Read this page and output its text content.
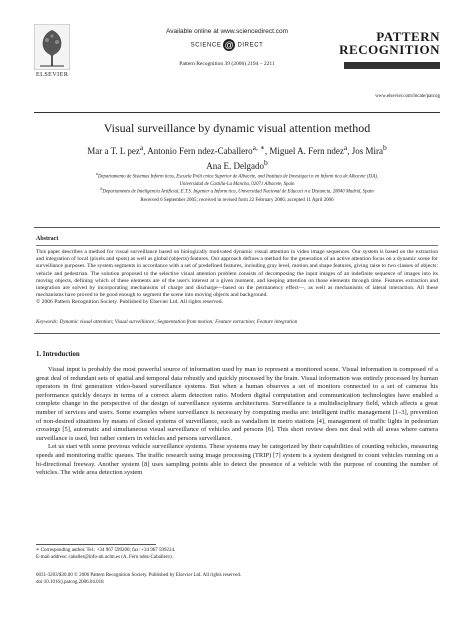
ELSEVIER
Available online at www.sciencedirect.com
SCIENCE @ DIRECT
Pattern Recognition 39 (2006) 2194 – 2211
PATTERN
RECOGNITION
www.elsevier.com/locate/patcog
Visual surveillance by dynamic visual attention method
Mar a T. L pez$^a$, Antonio Fern ndez-Caballero$^{a, ∗}$, Miguel A. Fern ndez$^a$, Jos Mira$^b$
Ana E. Delgado$^b$
$^a$Departamento de Sistemas Inform ticos, Escuela Polit cnica Superior de Albacete, and Instituto de Investigaci n en Inform tica de Albacete (I3A),
Universidad de Castilla-La Mancha, 02071 Albacete, Spain
$^b$Departamento de Inteligencia Artificial, E.T.S. Ingenier a Inform tica, Universidad Nacional de Educaci n a Distancia, 28040 Madrid, Spain
Received 6 September 2005; received in revised form 22 February 2006; accepted 11 April 2006
Abstract
This paper describes a method for visual surveillance based on biologically motivated dynamic visual attention in video image sequences. Our system is based on the extraction and integration of local (pixels and spots) as well as global (objects) features. Our approach defines a method for the generation of an active attention focus on a dynamic scene for surveillance purposes. The system segments in accordance with a set of predefined features, including gray level, motion and shape features, giving raise to two classes of objects: vehicle and pedestrian. The solution proposed to the selective visual attention problem consists of decomposing the input images of an indefinite sequence of images into its moving objects, defining which of these elements are of the user's interest at a given moment, and keeping attention on those elements through time. Features extraction and integration are solved by incorporating mechanisms of charge and discharge—based on the permanency effect—, as well as mechanisms of lateral interaction. All these mechanisms have proved to be good enough to segment the scene into moving objects and background.
© 2006 Pattern Recognition Society. Published by Elsevier Ltd. All rights reserved.
Keywords: Dynamic visual attention; Visual surveillance; Segmentation from motion; Feature extraction; Feature integration
1. Introduction

Visual input is probably the most powerful source of information used by man to represent a monitored scene. Visual information is composed of a great deal of redundant sets of spatial and temporal data robustly and quickly processed by the brain. Visual information was entirely processed by human operators in first generation video-based surveillance systems. But when a human observes a set of monitors connected to a set of cameras his performance quickly decays in terms of a correct alarm detection ratio. Modern digital computation and communication technologies have enabled a complete change in the perspective of the design of surveillance systems architectures. Surveillance is a multidisciplinary field, which affects a great number of services and users. Some examples where surveillance is necessary by computing media are: intelligent traffic management [1–3], prevention of non-desired situations by means of closed systems of surveillance, such as vandalism in metro stations [4], management of traffic lights in pedestrian crossings [5], automatic and simultaneous visual surveillance of vehicles and persons [6]. This short review does not deal with all areas where camera surveillance is used, but rather centers in vehicles and persons surveillance.

Let us start with some previous vehicle surveillance systems. These systems may be categorized by their capabilities of counting vehicles, measuring speeds and monitoring traffic queues. The traffic research using image processing (TRIP) [7] system is a system designed to count vehicles running on a bi-directional freeway. Another system [8] uses sampling points able to detect the presence of a vehicle with the purpose of counting the number of vehicles. The wide area detection system

∗ Corresponding author. Tel.: +34 967 599200; fax: +34 967 599224.
E-mail address: caballer@info-ab.uclm.es (A. Fern ndez-Caballero).
0031-3203/$30.00 © 2006 Pattern Recognition Society. Published by Elsevier Ltd. All rights reserved.
doi:10.1016/j.patcog.2006.04.018
